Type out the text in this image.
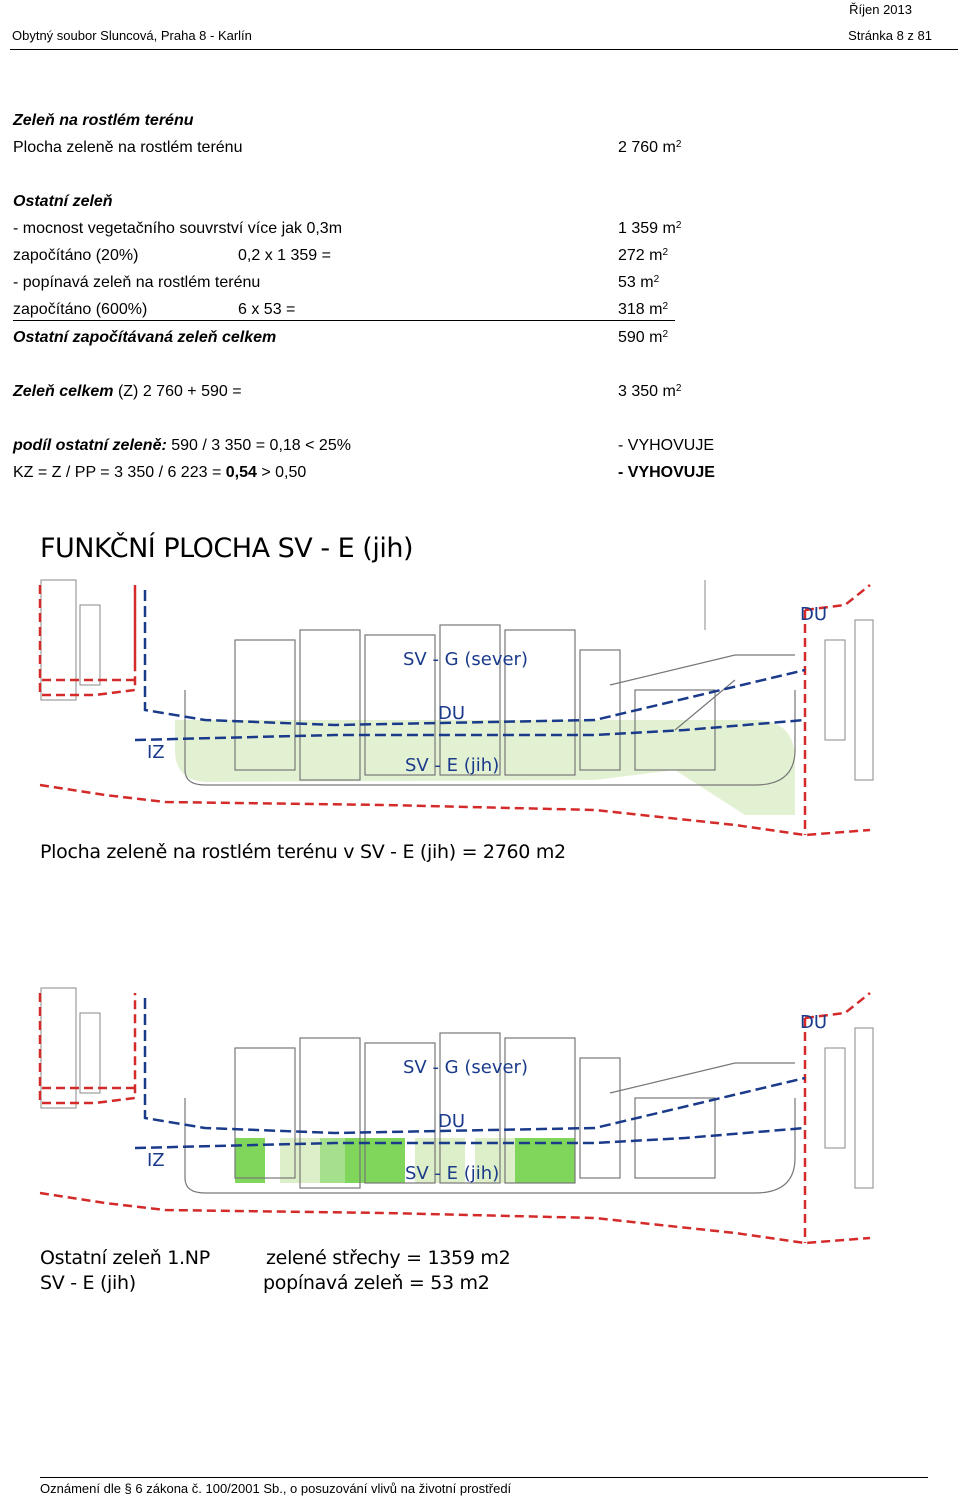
Říjen 2013
Obytný soubor Sluncová, Praha 8 - Karlín	Stránka 8 z 81
Zeleň na rostlém terénu
Plocha zeleně na rostlém terénu	2 760 $m^2$
Ostatní zeleň
- mocnost vegetačního souvrství více jak 0,3m	1 359 $m^2$
započítáno (20%)	0,2 x 1 359 =	272 $m^2$
- popínavá zeleň na rostlém terénu	53 $m^2$
započítáno (600%)	6 x 53 =	318 $m^2$
Ostatní započítávaná zeleň celkem	590 $m^2$
Zeleň celkem (Z) 2 760 + 590 =	3 350 $m^2$
podíl ostatní zeleně: 590 / 3 350 = 0,18 < 25%	- VYHOVUJE
KZ = Z / PP = 3 350 / 6 223 = 0,54 > 0,50	- VYHOVUJE
FUNKČNÍ PLOCHA SV - E (jih)
DU
SV - G (sever)
DU
IZ
SV - E (jih)
Plocha zeleně na rostlém terénu v SV - E (jih) = 2760 m2
DU
SV - G (sever)
DU
IZ
SV - E (jih)
Ostatní zeleň 1.NP
SV - E (jih)
zelené střechy = 1359 m2
popínavá zeleň = 53 m2
Oznámení dle § 6 zákona č. 100/2001 Sb., o posuzování vlivů na životní prostředí
